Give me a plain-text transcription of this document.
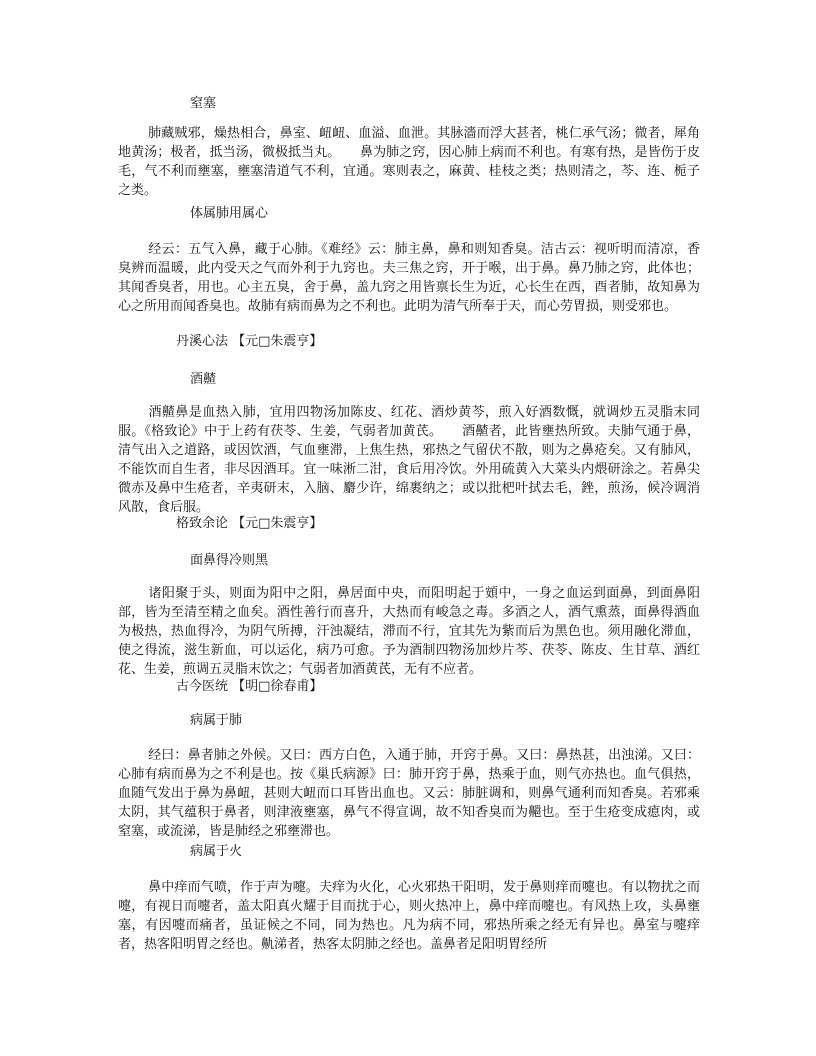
窒塞
肺藏贼邪，燥热相合，鼻室、衄衄、血溢、血泄。其脉濇而浮大甚者，桃仁承气汤；微者，犀角地黄汤；极者，抵当汤，微极抵当丸。　　鼻为肺之窍，因心肺上病而不利也。有寒有热，是皆伤于皮毛，气不利而壅塞，壅塞清道气不利，宜通。寒则表之，麻黄、桂枝之类；热则清之，芩、连、栀子之类。
体属肺用属心
经云：五气入鼻，藏于心肺。《难经》云：肺主鼻，鼻和则知香臭。洁古云：视听明而清凉，香臭辨而温暖，此内受天之气而外利于九窍也。夫三焦之窍，开于喉，出于鼻。鼻乃肺之窍，此体也；其闻香臭者，用也。心主五臭，舍于鼻，盖九窍之用皆禀长生为近，心长生在西，酉者肺，故知鼻为心之所用而闻香臭也。故肺有病而鼻为之不利也。此明为清气所奉于天，而心劳胃损，则受邪也。
丹溪心法 【元□朱震亨】
酒齄
酒齄鼻是血热入肺，宜用四物汤加陈皮、红花、酒炒黄芩，煎入好酒数慨，就调炒五灵脂末同服。《格致论》中于上药有茯苓、生姜，气弱者加黄芪。　　酒齄者，此皆壅热所致。夫肺气通于鼻，清气出入之道路，或因饮酒，气血壅滞，上焦生热，邪热之气留伏不散，则为之鼻疮矣。又有肺风，不能饮而自生者，非尽因酒耳。宜一味淅二泔，食后用冷饮。外用硫黄入大菜头内煨研涂之。若鼻尖微赤及鼻中生疮者，辛夷研末，入脑、麝少许，绵裹纳之；或以批杷叶拭去毛，銼，煎汤，候冷调消风散，食后服。
格致余论 【元□朱震亨】
面鼻得冷则黑
诸阳聚于头，则面为阳中之阳，鼻居面中央，而阳明起于頞中，一身之血运到面鼻，到面鼻阳部，皆为至清至精之血矣。酒性善行而喜升，大热而有峻急之毒。多酒之人，酒气熏蒸，面鼻得酒血为极热，热血得冷，为阴气所搏，汗浊凝结，滞而不行，宜其先为紫而后为黑色也。须用融化滞血，使之得流，滋生新血，可以运化，病乃可愈。予为酒制四物汤加炒片芩、茯苓、陈皮、生甘草、酒红花、生姜，煎调五灵脂末饮之；气弱者加酒黄芪，无有不应者。
古今医统 【明□徐春甫】
病属于肺
经曰：鼻者肺之外候。又曰：西方白色，入通于肺，开窍于鼻。又曰：鼻热甚，出浊涕。又曰：心肺有病而鼻为之不利是也。按《巢氏病源》曰：肺开窍于鼻，热乘于血，则气亦热也。血气俱热，血随气发出于鼻为鼻衄，甚则大衄而口耳皆出血也。又云：肺脏调和，则鼻气通利而知香臭。若邪乘太阴，其气蕴积于鼻者，则津液壅塞，鼻气不得宣调，故不知香臭而为齆也。至于生疮变成瘜肉，或窒塞，或流涕，皆是肺经之邪壅滞也。
病属于火
鼻中痒而气喷，作于声为嚏。夫痒为火化，心火邪热干阳明，发于鼻则痒而嚏也。有以物扰之而嚏，有视日而嚏者，盖太阳真火耀于目而扰于心，则火热冲上，鼻中痒而嚏也。有风热上攻，头鼻壅塞，有因嚏而痛者，虽证候之不同，同为热也。凡为病不同，邪热所乘之经无有异也。鼻室与嚏痒者，热客阳明胃之经也。鼽涕者，热客太阴肺之经也。盖鼻者足阳明胃经所
